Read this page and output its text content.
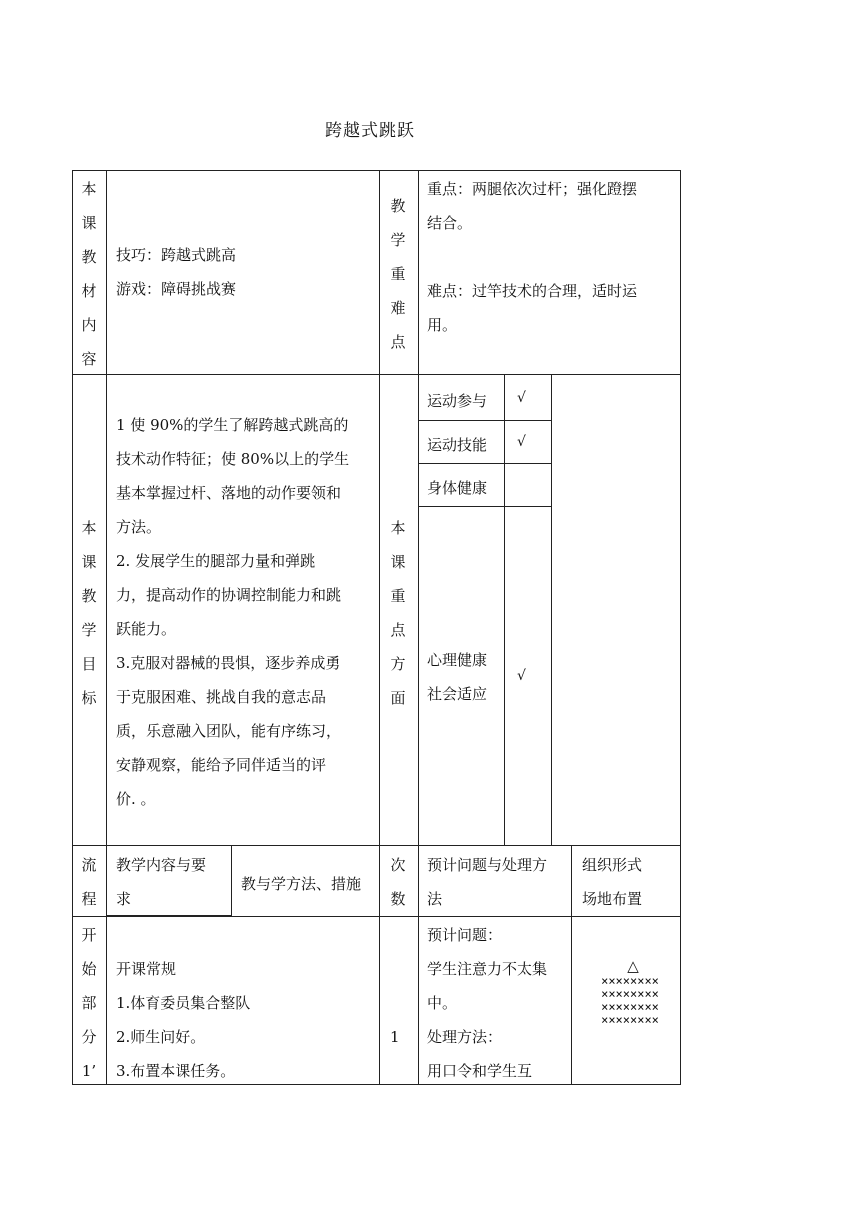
跨越式跳跃
本
课
教
材
内
容

技巧：跨越式跳高

游戏：障碍挑战赛

教
学
重
难
点

重点：两腿依次过杆；强化蹬摆

结合。

难点：过竿技术的合理，适时运

用。

本
课
教
学
目
标

1 使 90%的学生了解跨越式跳高的

技术动作特征；使 80%以上的学生

基本掌握过杆、落地的动作要领和

方法。

2. 发展学生的腿部力量和弹跳

力，提高动作的协调控制能力和跳

跃能力。

3.克服对器械的畏惧，逐步养成勇

于克服困难、挑战自我的意志品

质，乐意融入团队，能有序练习，

安静观察，能给予同伴适当的评

价. 。

本
课
重
点
方
面
运动参与 √
运动技能 √
身体健康

心理健康

社会适应

√
流
程

教学内容与要

求

教与学方法、措施
次
数

预计问题与处理方

法

组织形式

场地布置

开
始
部
分
1’

开课常规

1.体育委员集合整队

2.师生问好。

3.布置本课任务。

1

预计问题：

学生注意力不太集

中。

处理方法：

用口令和学生互

△
××××××××
××××××××
××××××××
××××××××
